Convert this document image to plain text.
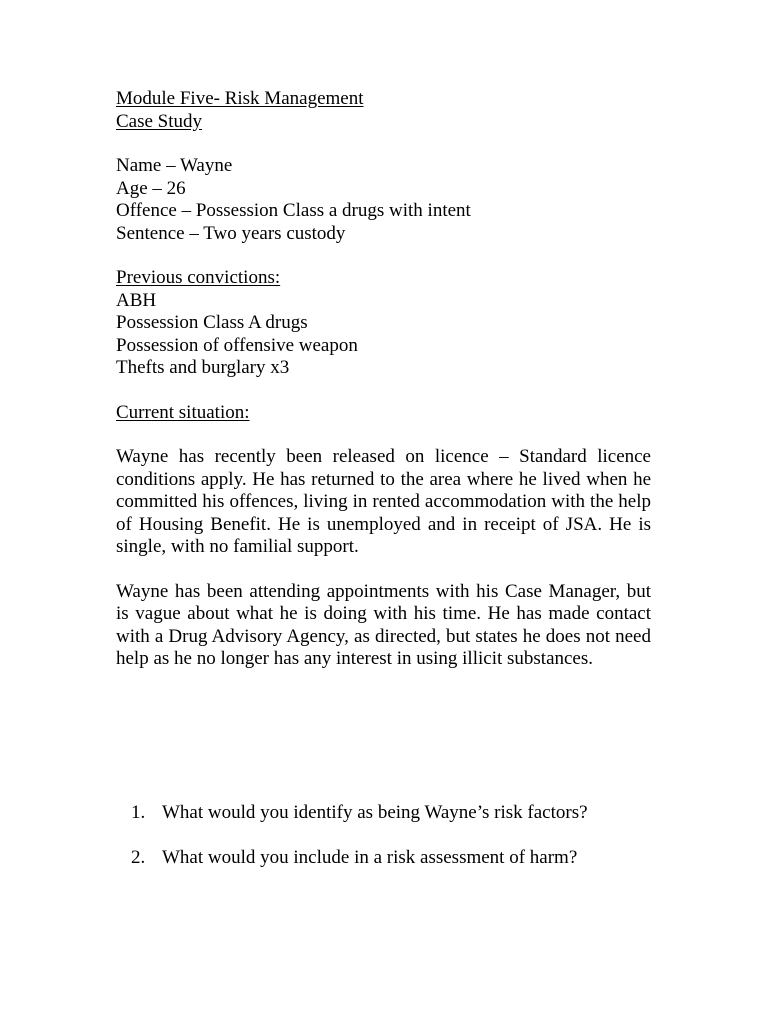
Module Five- Risk Management
Case Study
Name – Wayne
Age – 26
Offence – Possession Class a drugs with intent
Sentence – Two years custody
Previous convictions:
ABH
Possession Class A drugs
Possession of offensive weapon
Thefts and burglary x3
Current situation:

Wayne has recently been released on licence – Standard licence conditions apply. He has returned to the area where he lived when he committed his offences, living in rented accommodation with the help of Housing Benefit. He is unemployed and in receipt of JSA. He is single, with no familial support.

Wayne has been attending appointments with his Case Manager, but is vague about what he is doing with his time. He has made contact with a Drug Advisory Agency, as directed, but states he does not need help as he no longer has any interest in using illicit substances.

1. What would you identify as being Wayne’s risk factors?
2. What would you include in a risk assessment of harm?
